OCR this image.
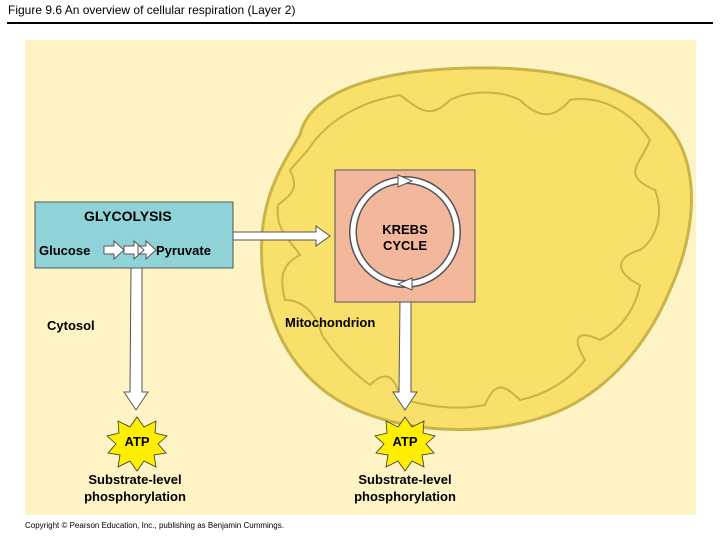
Figure 9.6 An overview of cellular respiration (Layer 2)
GLYCOLYSIS
Glucose	Pyruvate
KREBS
CYCLE
Cytosol	Mitochondrion
ATP	ATP
Substrate-level
phosphorylation
Substrate-level
phosphorylation
Copyright © Pearson Education, Inc., publishing as Benjamin Cummings.
